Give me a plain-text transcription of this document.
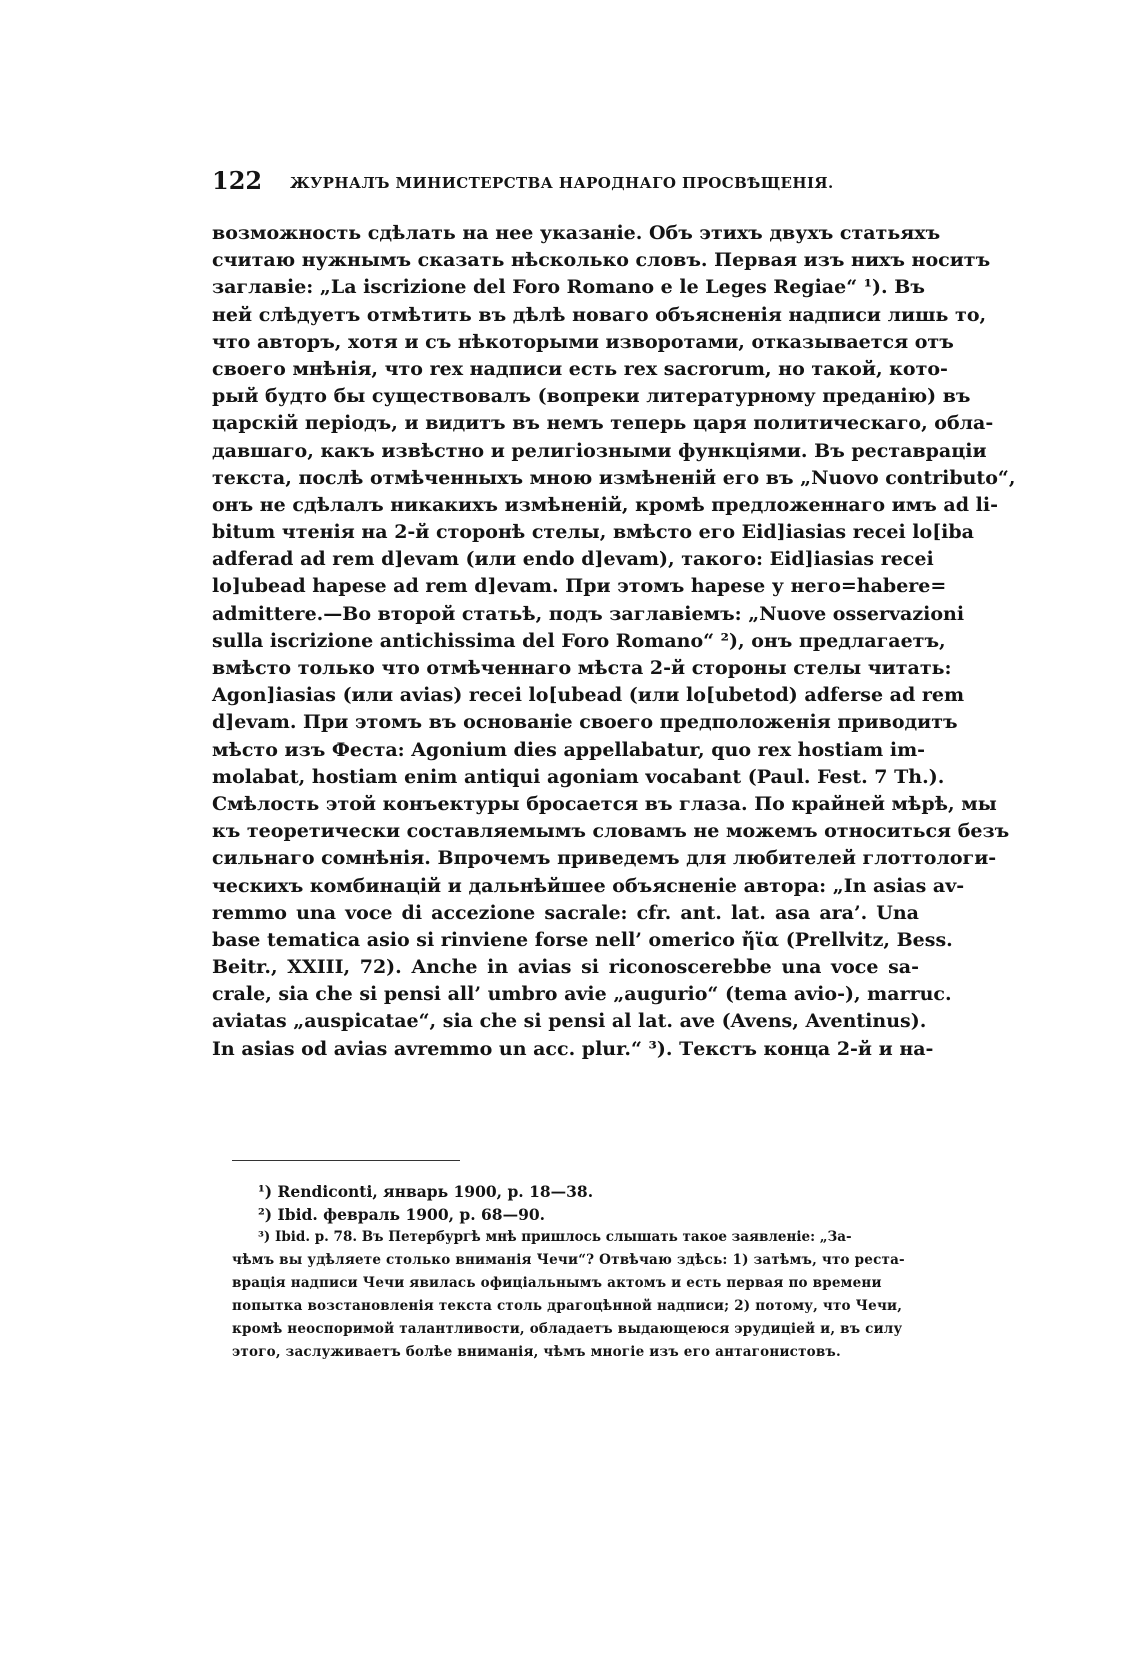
122 ЖУРНАЛЪ МИНИСТЕРСТВА НАРОДНАГО ПРОСВѢЩЕНІЯ.
возможность сдѣлать на нее указаніе. Объ этихъ двухъ статьяхъ
считаю нужнымъ сказать нѣсколько словъ. Первая изъ нихъ носитъ
заглавіе: „La iscrizione del Foro Romano e le Leges Regiae“ ¹). Въ
ней слѣдуетъ отмѣтить въ дѣлѣ новаго объясненія надписи лишь то,
что авторъ, хотя и съ нѣкоторыми изворотами, отказывается отъ
своего мнѣнія, что rex надписи есть rex sacrorum, но такой, кото-
рый будто бы существовалъ (вопреки литературному преданію) въ
царскій періодъ, и видитъ въ немъ теперь царя политическаго, обла-
давшаго, какъ извѣстно и религіозными функціями. Въ реставраціи
текста, послѣ отмѣченныхъ мною измѣненій его въ „Nuovo contributo“,
онъ не сдѣлалъ никакихъ измѣненій, кромѣ предложеннаго имъ ad li-
bitum чтенія на 2-й сторонѣ стелы, вмѣсто его Eid]iasias recei lo[iba
adferad ad rem d]evam (или endo d]evam), такого: Eid]iasias recei
lo]ubead hapese ad rem d]evam. При этомъ hapese у него=habere=
admittere.—Во второй статьѣ, подъ заглавіемъ: „Nuove osservazioni
sulla iscrizione antichissima del Foro Romano“ ²), онъ предлагаетъ,
вмѣсто только что отмѣченнаго мѣста 2-й стороны стелы читать:
Agon]iasias (или avias) recei lo[ubead (или lo[ubetod) adferse ad rem
d]evam. При этомъ въ основаніе своего предположенія приводитъ
мѣсто изъ Феста: Agonium dies appellabatur, quo rex hostiam im-
molabat, hostiam enim antiqui agoniam vocabant (Paul. Fest. 7 Th.).
Смѣлость этой конъектуры бросается въ глаза. По крайней мѣрѣ, мы
къ теоретически составляемымъ словамъ не можемъ относиться безъ
сильнаго сомнѣнія. Впрочемъ приведемъ для любителей глоттологи-
ческихъ комбинацій и дальнѣйшее объясненіе автора: „In asias av-
remmo una voce di accezione sacrale: cfr. ant. lat. asa ara’. Una
base tematica asio si rinviene forse nell’ omerico ἤϊα (Prellvitz, Bess.
Beitr., XXIII, 72). Anche in avias si riconoscerebbe una voce sa-
crale, sia che si pensi all’ umbro avie „augurio“ (tema avio-), marruc.
aviatas „auspicatae“, sia che si pensi al lat. ave (Avens, Aventinus).
In asias od avias avremmo un acc. plur.“ ³). Текстъ конца 2-й и на-
¹) Rendiconti, январь 1900, p. 18—38.
²) Ibid. февраль 1900, p. 68—90.
³) Ibid. p. 78. Въ Петербургѣ мнѣ пришлось слышать такое заявленіе: „За-
чѣмъ вы удѣляете столько вниманія Чечи“? Отвѣчаю здѣсь: 1) затѣмъ, что реста-
врація надписи Чечи явилась офиціальнымъ актомъ и есть первая по времени
попытка возстановленія текста столь драгоцѣнной надписи; 2) потому, что Чечи,
кромѣ неоспоримой талантливости, обладаетъ выдающеюся эрудиціей и, въ силу
этого, заслуживаетъ болѣе вниманія, чѣмъ многіе изъ его антагонистовъ.
